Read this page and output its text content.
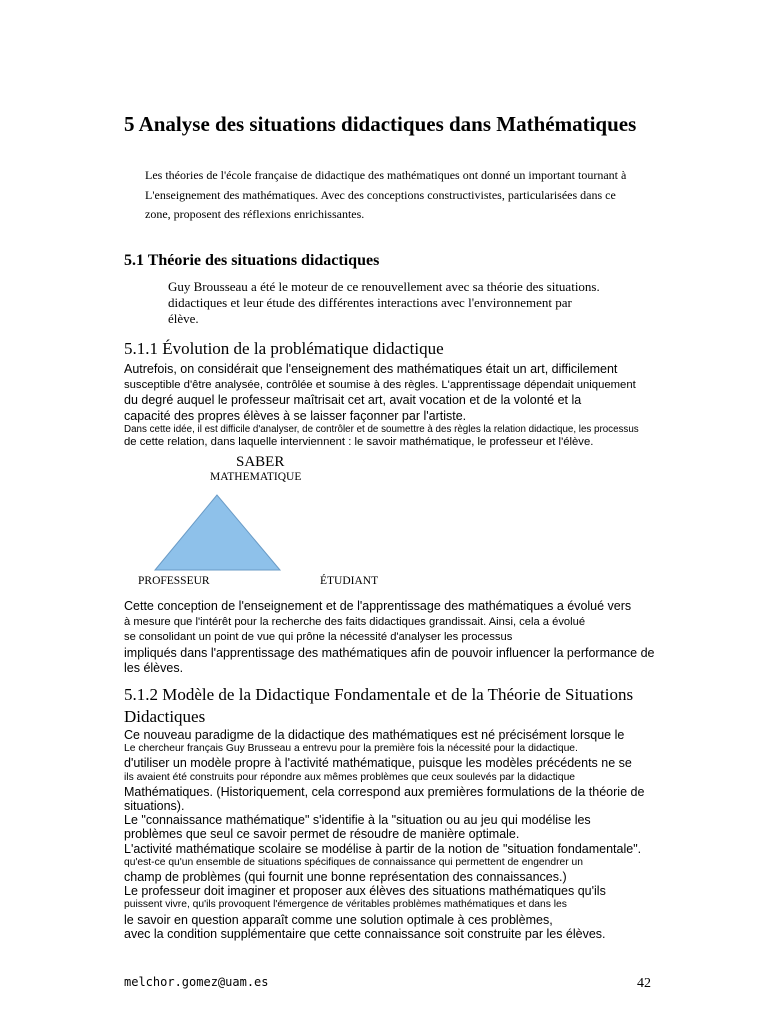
5 Analyse des situations didactiques dans Mathématiques
Les théories de l'école française de didactique des mathématiques ont donné un important tournant à
L'enseignement des mathématiques. Avec des conceptions constructivistes, particularisées dans ce
zone, proposent des réflexions enrichissantes.
5.1 Théorie des situations didactiques
Guy Brousseau a été le moteur de ce renouvellement avec sa théorie des situations.
didactiques et leur étude des différentes interactions avec l'environnement par
élève.
5.1.1 Évolution de la problématique didactique
Autrefois, on considérait que l'enseignement des mathématiques était un art, difficilement
susceptible d'être analysée, contrôlée et soumise à des règles. L'apprentissage dépendait uniquement
du degré auquel le professeur maîtrisait cet art, avait vocation et de la volonté et la
capacité des propres élèves à se laisser façonner par l'artiste.
Dans cette idée, il est difficile d'analyser, de contrôler et de soumettre à des règles la relation didactique, les processus
de cette relation, dans laquelle interviennent : le savoir mathématique, le professeur et l'élève.
SABER
MATHEMATIQUE
PROFESSEUR	ÉTUDIANT
Cette conception de l'enseignement et de l'apprentissage des mathématiques a évolué vers
à mesure que l'intérêt pour la recherche des faits didactiques grandissait. Ainsi, cela a évolué
se consolidant un point de vue qui prône la nécessité d'analyser les processus
impliqués dans l'apprentissage des mathématiques afin de pouvoir influencer la performance de
les élèves.
5.1.2 Modèle de la Didactique Fondamentale et de la Théorie de Situations Didactiques
Ce nouveau paradigme de la didactique des mathématiques est né précisément lorsque le
Le chercheur français Guy Brusseau a entrevu pour la première fois la nécessité pour la didactique.
d'utiliser un modèle propre à l'activité mathématique, puisque les modèles précédents ne se
ils avaient été construits pour répondre aux mêmes problèmes que ceux soulevés par la didactique
Mathématiques. (Historiquement, cela correspond aux premières formulations de la théorie de
situations).
Le "connaissance mathématique" s'identifie à la "situation ou au jeu qui modélise les
problèmes que seul ce savoir permet de résoudre de manière optimale.
L'activité mathématique scolaire se modélise à partir de la notion de "situation fondamentale".
qu'est-ce qu'un ensemble de situations spécifiques de connaissance qui permettent de engendrer un
champ de problèmes (qui fournit une bonne représentation des connaissances.)
Le professeur doit imaginer et proposer aux élèves des situations mathématiques qu'ils
puissent vivre, qu'ils provoquent l'émergence de véritables problèmes mathématiques et dans les
le savoir en question apparaît comme une solution optimale à ces problèmes,
avec la condition supplémentaire que cette connaissance soit construite par les élèves.
melchor.gomez@uam.es	42
